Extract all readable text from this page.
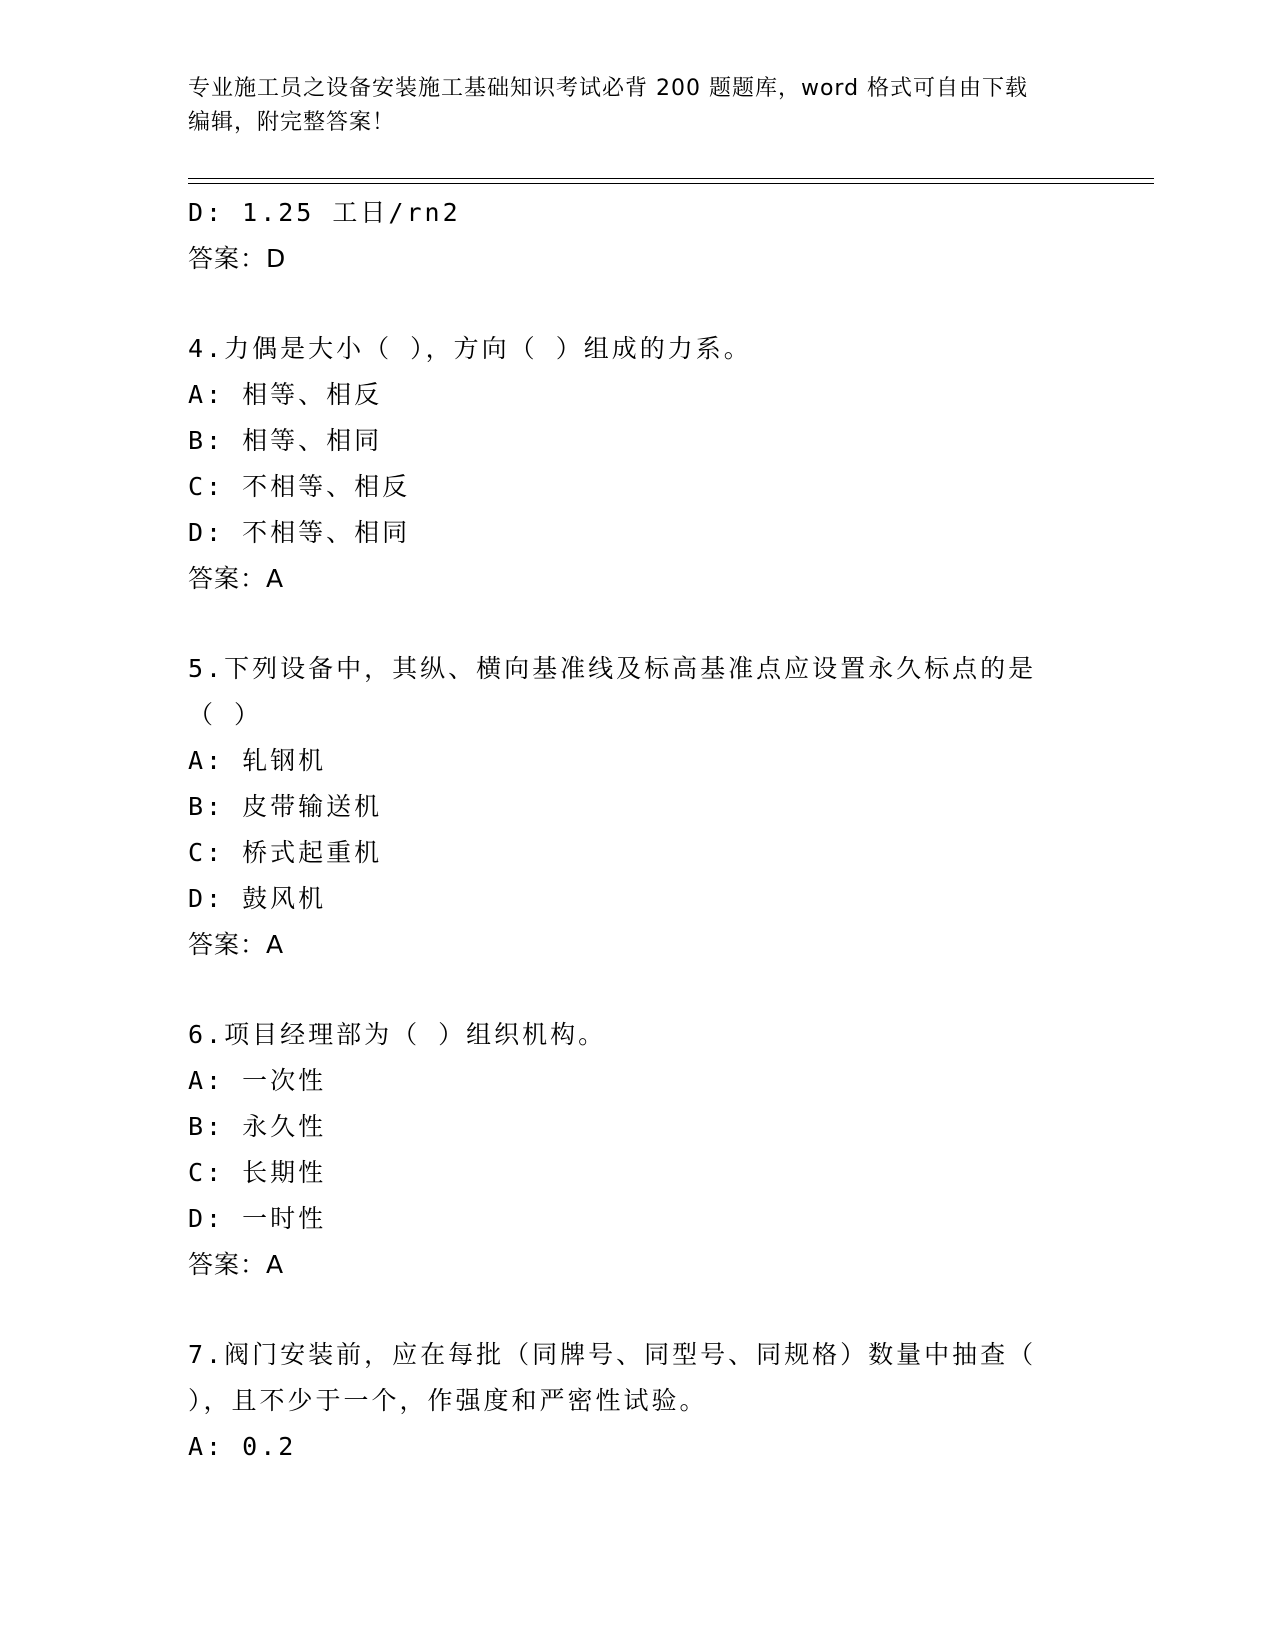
专业施工员之设备安装施工基础知识考试必背 200 题题库，word 格式可自由下载
编辑，附完整答案！
D: 1.25 工日/rn2
答案：D
4.力偶是大小（ ），方向（ ）组成的力系。
A: 相等、相反
B: 相等、相同
C: 不相等、相反
D: 不相等、相同
答案：A
5.下列设备中，其纵、横向基准线及标高基准点应设置永久标点的是
（ ）
A: 轧钢机
B: 皮带输送机
C: 桥式起重机
D: 鼓风机
答案：A
6.项目经理部为（ ）组织机构。
A: 一次性
B: 永久性
C: 长期性
D: 一时性
答案：A
7.阀门安装前，应在每批（同牌号、同型号、同规格）数量中抽查（
），且不少于一个，作强度和严密性试验。
A: 0.2
